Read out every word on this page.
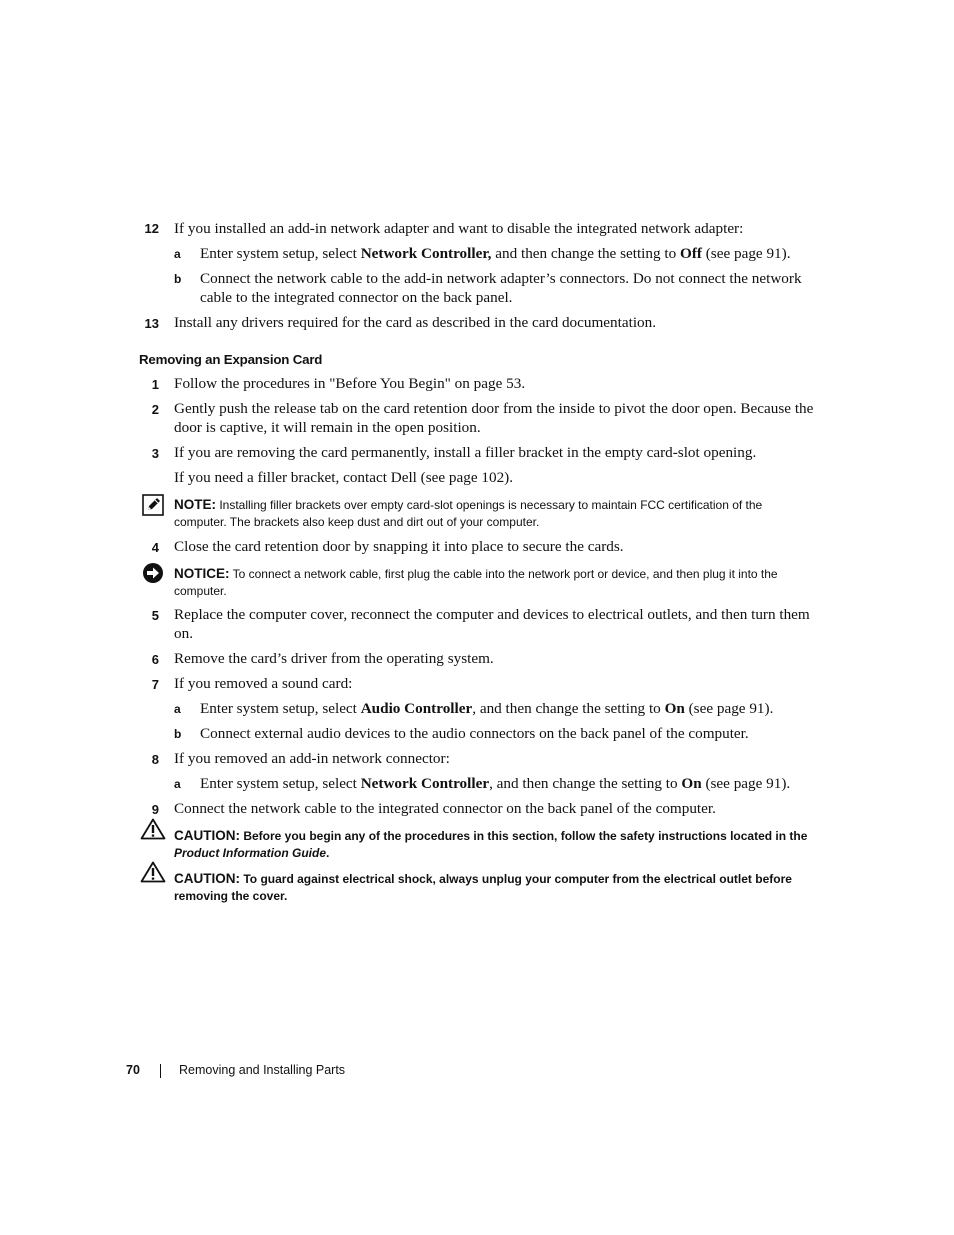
12 If you installed an add-in network adapter and want to disable the integrated network adapter:
a Enter system setup, select Network Controller, and then change the setting to Off (see page 91).
b Connect the network cable to the add-in network adapter’s connectors. Do not connect the network cable to the integrated connector on the back panel.
13 Install any drivers required for the card as described in the card documentation.
Removing an Expansion Card
1 Follow the procedures in "Before You Begin" on page 53.
2 Gently push the release tab on the card retention door from the inside to pivot the door open. Because the door is captive, it will remain in the open position.
3 If you are removing the card permanently, install a filler bracket in the empty card-slot opening.
If you need a filler bracket, contact Dell (see page 102).
NOTE: Installing filler brackets over empty card-slot openings is necessary to maintain FCC certification of the computer. The brackets also keep dust and dirt out of your computer.
4 Close the card retention door by snapping it into place to secure the cards.
NOTICE: To connect a network cable, first plug the cable into the network port or device, and then plug it into the computer.
5 Replace the computer cover, reconnect the computer and devices to electrical outlets, and then turn them on.
6 Remove the card’s driver from the operating system.
7 If you removed a sound card:
a Enter system setup, select Audio Controller, and then change the setting to On (see page 91).
b Connect external audio devices to the audio connectors on the back panel of the computer.
8 If you removed an add-in network connector:
a Enter system setup, select Network Controller, and then change the setting to On (see page 91).
9 Connect the network cable to the integrated connector on the back panel of the computer.
CAUTION: Before you begin any of the procedures in this section, follow the safety instructions located in the Product Information Guide.
CAUTION: To guard against electrical shock, always unplug your computer from the electrical outlet before removing the cover.
70	Removing and Installing Parts
